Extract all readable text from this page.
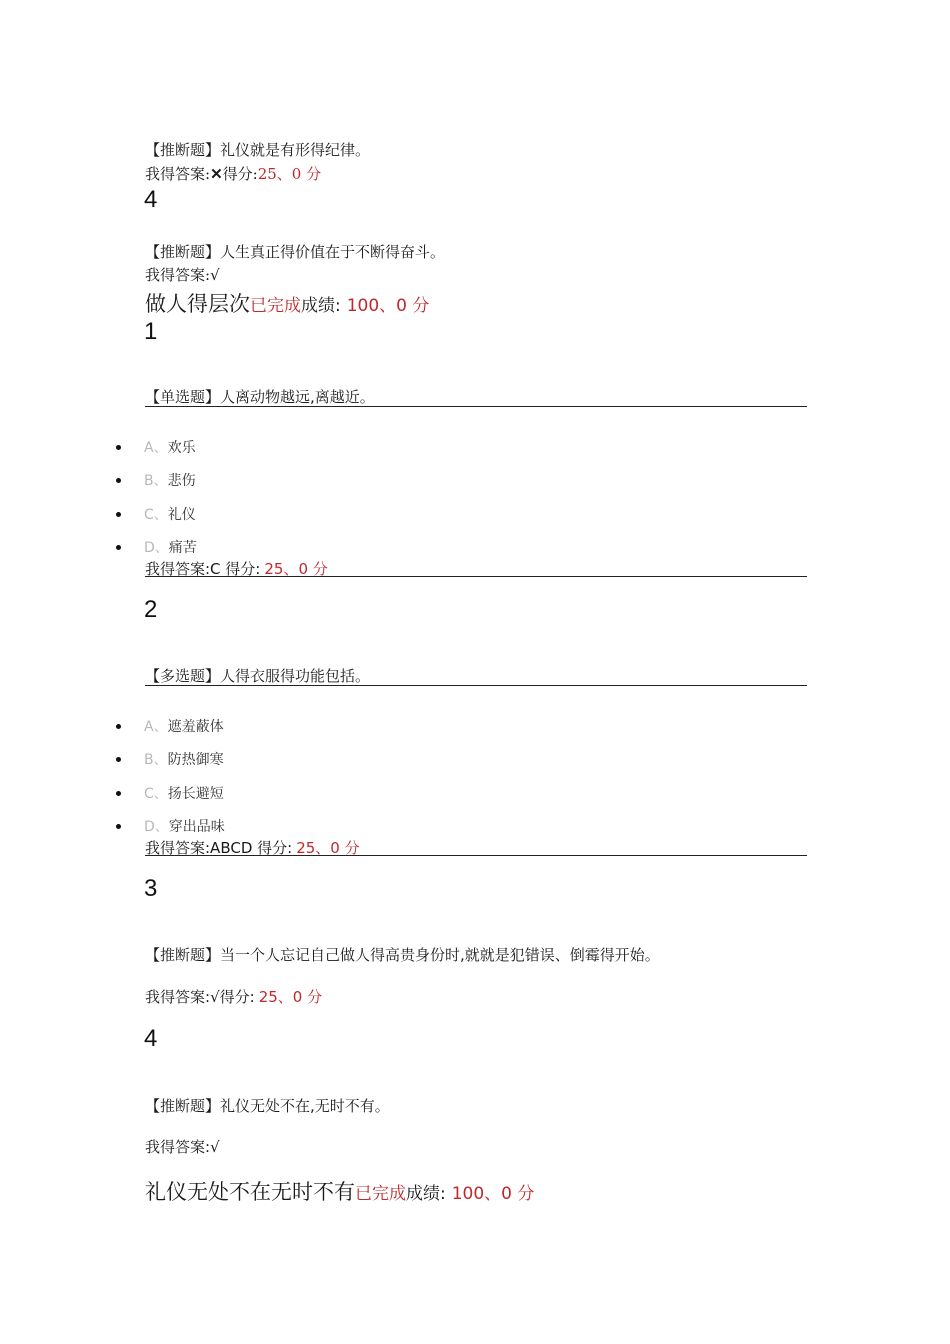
【推断题】礼仪就是有形得纪律。
我得答案:✕得分:25、0 分
4
【推断题】人生真正得价值在于不断得奋斗。
我得答案:√
做人得层次已完成成绩: 100、0 分
1
【单选题】人离动物越远,离越近。
A、 欢乐
B、 悲伤
C、 礼仪
D、 痛苦
我得答案:C 得分: 25、0 分
2
【多选题】人得衣服得功能包括。
A、 遮羞蔽体
B、 防热御寒
C、 扬长避短
D、 穿出品味
我得答案:ABCD 得分: 25、0 分
3
【推断题】当一个人忘记自己做人得高贵身份时,就就是犯错误、倒霉得开始。
我得答案:√得分: 25、0 分
4
【推断题】礼仪无处不在,无时不有。
我得答案:√
礼仪无处不在无时不有已完成成绩: 100、0 分
